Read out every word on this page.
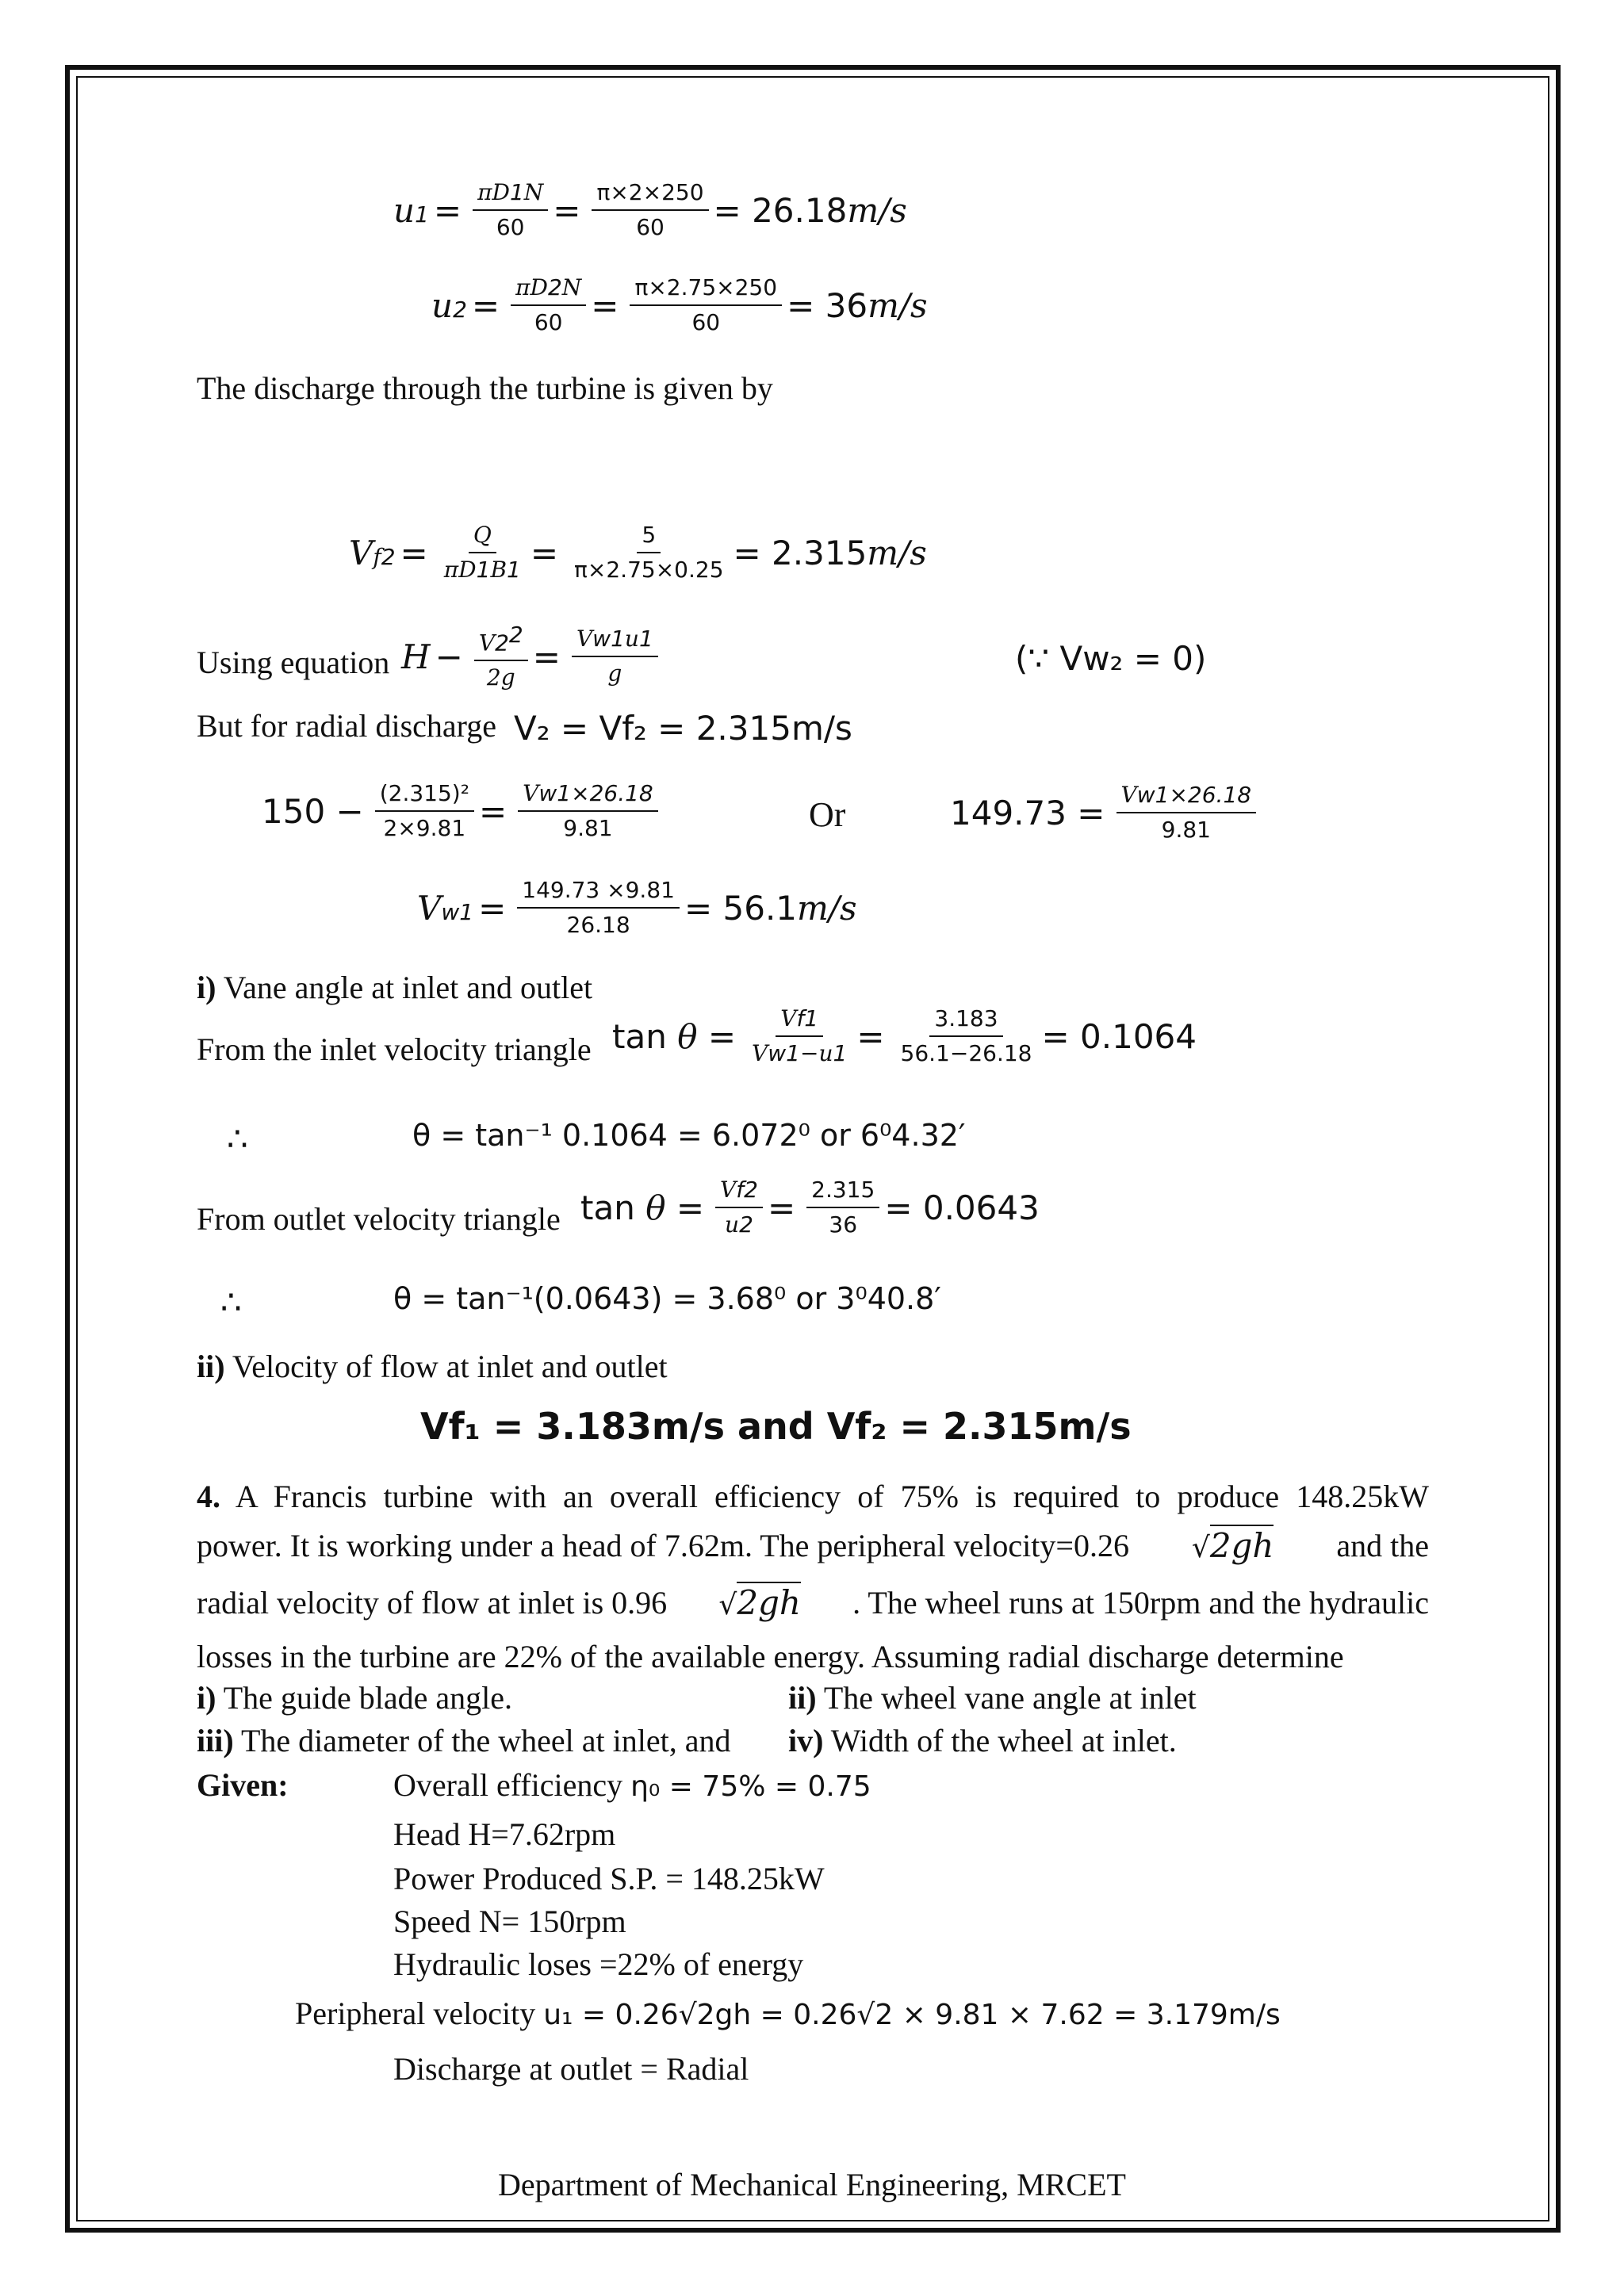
$u1 = \frac{\pi D1N}{60} = \frac{\pi\times 2\times 250}{60} = 26.18m/s$
$u2 = \frac{\pi D2N}{60} = \frac{\pi\times 2.75\times 250}{60} = 36m/s$
The discharge through the turbine is given by
$Vf2 = \frac{Q}{\pi D1B1} = \frac{5}{\pi\times 2.75\times 0.25} = 2.315m/s$
Using equation $H - \frac{V2^2}{2g} = \frac{Vw1u1}{g}$	(∵ Vw₂ = 0)
But for radial discharge V₂ = Vf₂ = 2.315m/s
$150 - \frac{\text{(2.315)²}}{2\times 9.81} = \frac{Vw1\times 26.18}{9.81}$	Or	$149.73 = \frac{Vw1\times 26.18}{9.81}$
$Vw1 = \frac{149.73 \times 9.81}{26.18} = 56.1m/s$
i) Vane angle at inlet and outlet
From the inlet velocity triangle $\tan \theta = \frac{Vf1}{Vw1-u1} = \frac{3.183}{56.1-26.18} = 0.1064$
∴	θ = tan⁻¹ 0.1064 = 6.072⁰ or 6⁰4.32′
From outlet velocity triangle $\tan \theta = \frac{Vf2}{u2} = \frac{2.315}{36} = 0.0643$
∴	θ = tan⁻¹(0.0643) = 3.68⁰ or 3⁰40.8′
ii) Velocity of flow at inlet and outlet
Vf₁ = 3.183m/s and Vf₂ = 2.315m/s
4. A Francis turbine with an overall efficiency of 75% is required to produce 148.25kW
power. It is working under a head of 7.62m. The peripheral velocity=0.26 √2gh and the
radial velocity of flow at inlet is 0.96 √2gh . The wheel runs at 150rpm and the hydraulic
losses in the turbine are 22% of the available energy. Assuming radial discharge determine
i) The guide blade angle.	ii) The wheel vane angle at inlet
iii) The diameter of the wheel at inlet, and iv) Width of the wheel at inlet.
Given:	Overall efficiency η₀ = 75% = 0.75
Head H=7.62rpm
Power Produced S.P. = 148.25kW
Speed N= 150rpm
Hydraulic loses =22% of energy
Peripheral velocity u₁ = 0.26√2gh = 0.26√2 × 9.81 × 7.62 = 3.179m/s
Discharge at outlet = Radial
Department of Mechanical Engineering, MRCET
